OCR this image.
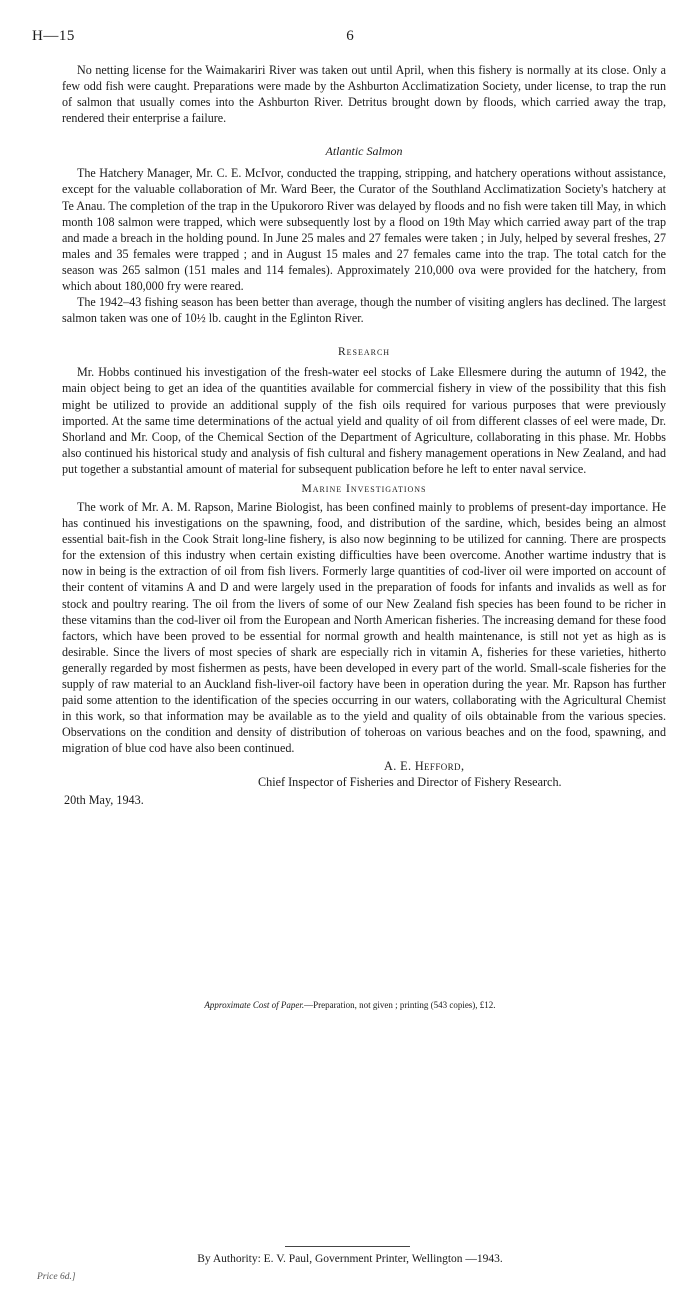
H—15	6

No netting license for the Waimakariri River was taken out until April, when this fishery is normally at its close. Only a few odd fish were caught. Preparations were made by the Ashburton Acclimatization Society, under license, to trap the run of salmon that usually comes into the Ashburton River. Detritus brought down by floods, which carried away the trap, rendered their enterprise a failure.

Atlantic Salmon

The Hatchery Manager, Mr. C. E. McIvor, conducted the trapping, stripping, and hatchery operations without assistance, except for the valuable collaboration of Mr. Ward Beer, the Curator of the Southland Acclimatization Society's hatchery at Te Anau. The completion of the trap in the Upukororo River was delayed by floods and no fish were taken till May, in which month 108 salmon were trapped, which were subsequently lost by a flood on 19th May which carried away part of the trap and made a breach in the holding pound. In June 25 males and 27 females were taken ; in July, helped by several freshes, 27 males and 35 females were trapped ; and in August 15 males and 27 females came into the trap. The total catch for the season was 265 salmon (151 males and 114 females). Approximately 210,000 ova were provided for the hatchery, from which about 180,000 fry were reared.

The 1942–43 fishing season has been better than average, though the number of visiting anglers has declined. The largest salmon taken was one of 10½ lb. caught in the Eglinton River.

Research

Mr. Hobbs continued his investigation of the fresh-water eel stocks of Lake Ellesmere during the autumn of 1942, the main object being to get an idea of the quantities available for commercial fishery in view of the possibility that this fish might be utilized to provide an additional supply of the fish oils required for various purposes that were previously imported. At the same time determinations of the actual yield and quality of oil from different classes of eel were made, Dr. Shorland and Mr. Coop, of the Chemical Section of the Department of Agriculture, collaborating in this phase. Mr. Hobbs also continued his historical study and analysis of fish cultural and fishery management operations in New Zealand, and had put together a substantial amount of material for subsequent publication before he left to enter naval service.

Marine Investigations

The work of Mr. A. M. Rapson, Marine Biologist, has been confined mainly to problems of present-day importance. He has continued his investigations on the spawning, food, and distribution of the sardine, which, besides being an almost essential bait-fish in the Cook Strait long-line fishery, is also now beginning to be utilized for canning. There are prospects for the extension of this industry when certain existing difficulties have been overcome. Another wartime industry that is now in being is the extraction of oil from fish livers. Formerly large quantities of cod-liver oil were imported on account of their content of vitamins A and D and were largely used in the preparation of foods for infants and invalids as well as for stock and poultry rearing. The oil from the livers of some of our New Zealand fish species has been found to be richer in these vitamins than the cod-liver oil from the European and North American fisheries. The increasing demand for these food factors, which have been proved to be essential for normal growth and health maintenance, is still not yet as high as is desirable. Since the livers of most species of shark are especially rich in vitamin A, fisheries for these varieties, hitherto generally regarded by most fishermen as pests, have been developed in every part of the world. Small-scale fisheries for the supply of raw material to an Auckland fish-liver-oil factory have been in operation during the year. Mr. Rapson has further paid some attention to the identification of the species occurring in our waters, collaborating with the Agricultural Chemist in this work, so that information may be available as to the yield and quality of oils obtainable from the various species. Observations on the condition and density of distribution of toheroas on various beaches and on the food, spawning, and migration of blue cod have also been continued.

A. E. Hefford,
Chief Inspector of Fisheries and Director of Fishery Research.
20th May, 1943.
Approximate Cost of Paper.—Preparation, not given ; printing (543 copies), £12.
By Authority: E. V. Paul, Government Printer, Wellington —1943.
Price 6d.]
